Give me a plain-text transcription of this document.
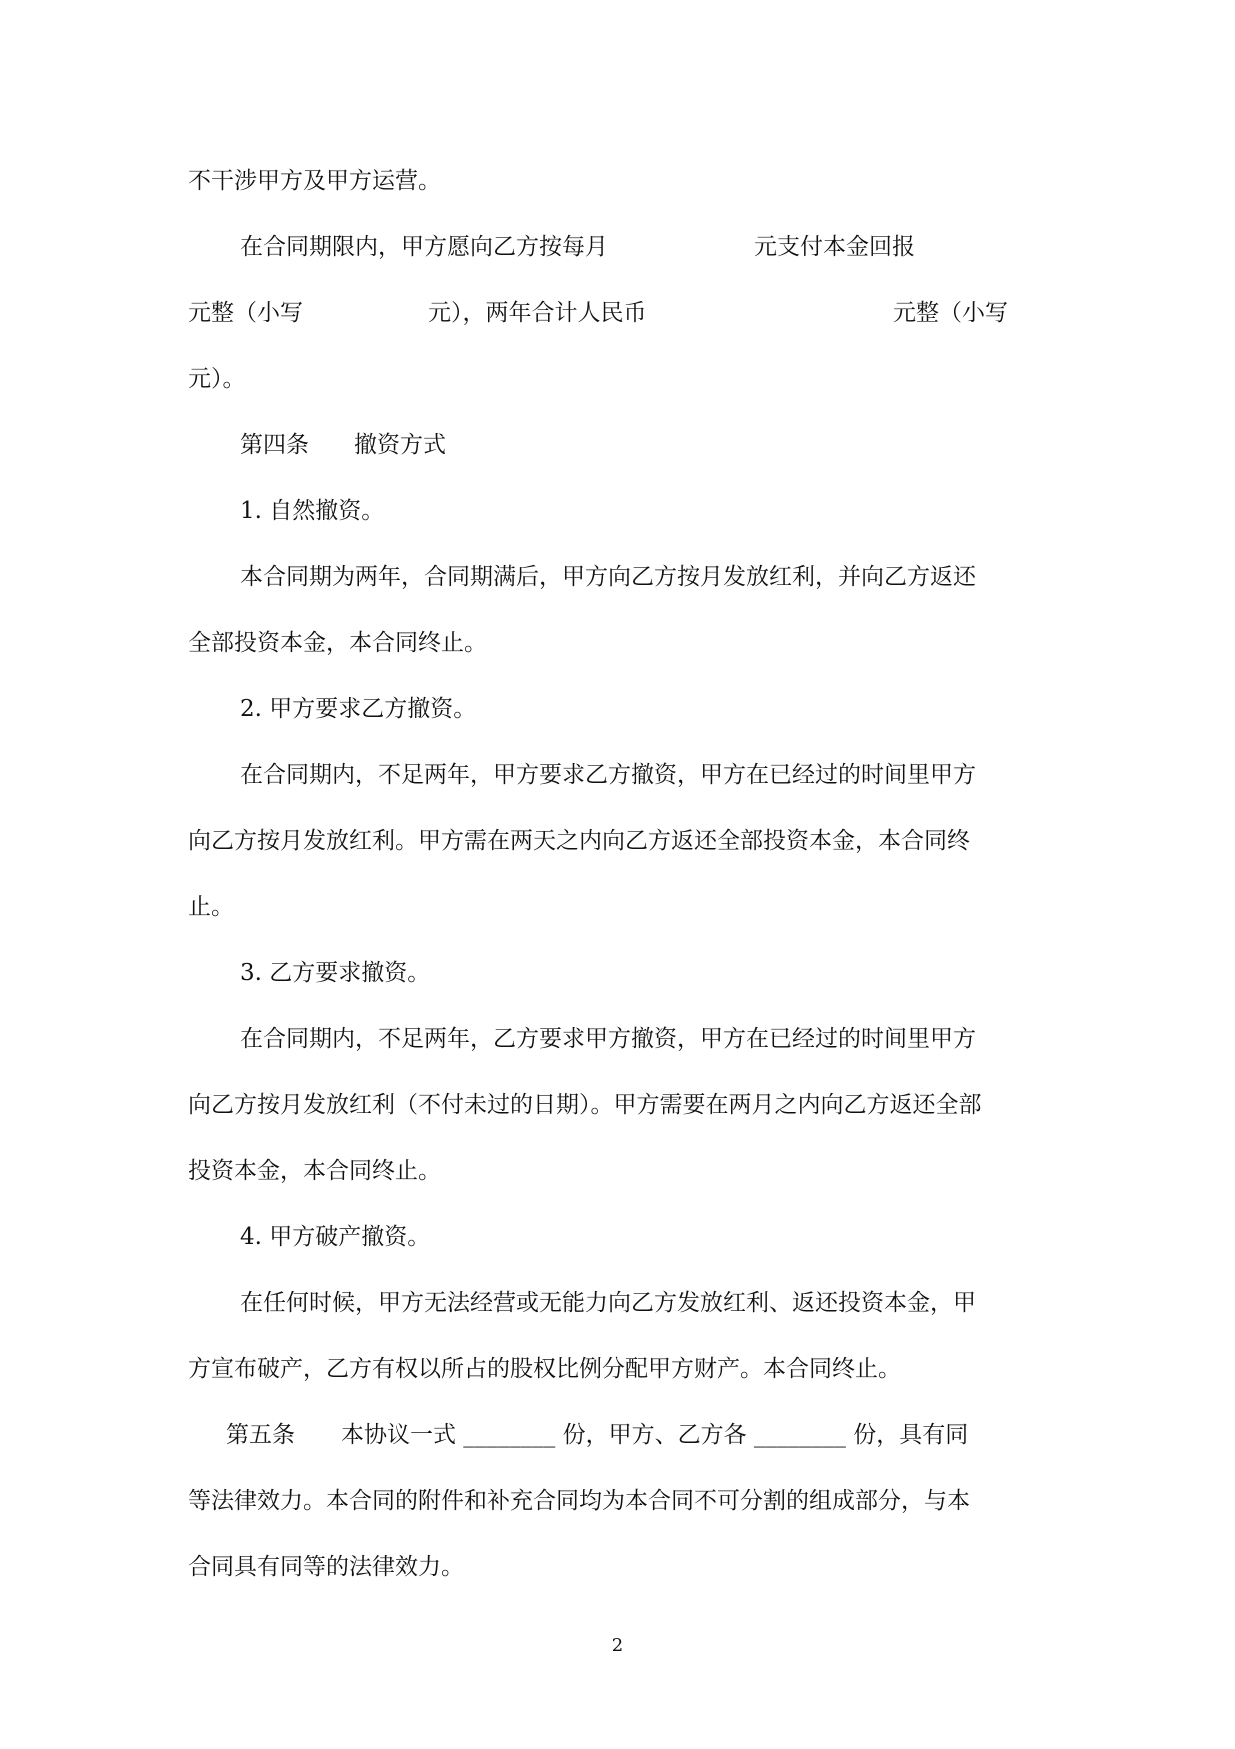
不干涉甲方及甲方运营。
在合同期限内，甲方愿向乙方按每月	元支付本金回报
元整（小写	元），两年合计人民币	元整（小写
元）。
第四条 撤资方式
1. 自然撤资。
本合同期为两年，合同期满后，甲方向乙方按月发放红利，并向乙方返还
全部投资本金，本合同终止。
2. 甲方要求乙方撤资。
在合同期内，不足两年，甲方要求乙方撤资，甲方在已经过的时间里甲方
向乙方按月发放红利。甲方需在两天之内向乙方返还全部投资本金，本合同终
止。
3. 乙方要求撤资。
在合同期内，不足两年，乙方要求甲方撤资，甲方在已经过的时间里甲方
向乙方按月发放红利（不付未过的日期）。甲方需要在两月之内向乙方返还全部
投资本金，本合同终止。
4. 甲方破产撤资。
在任何时候，甲方无法经营或无能力向乙方发放红利、返还投资本金，甲
方宣布破产，乙方有权以所占的股权比例分配甲方财产。本合同终止。
第五条 本协议一式 ________ 份，甲方、乙方各 ________ 份，具有同
等法律效力。本合同的附件和补充合同均为本合同不可分割的组成部分，与本
合同具有同等的法律效力。
2
